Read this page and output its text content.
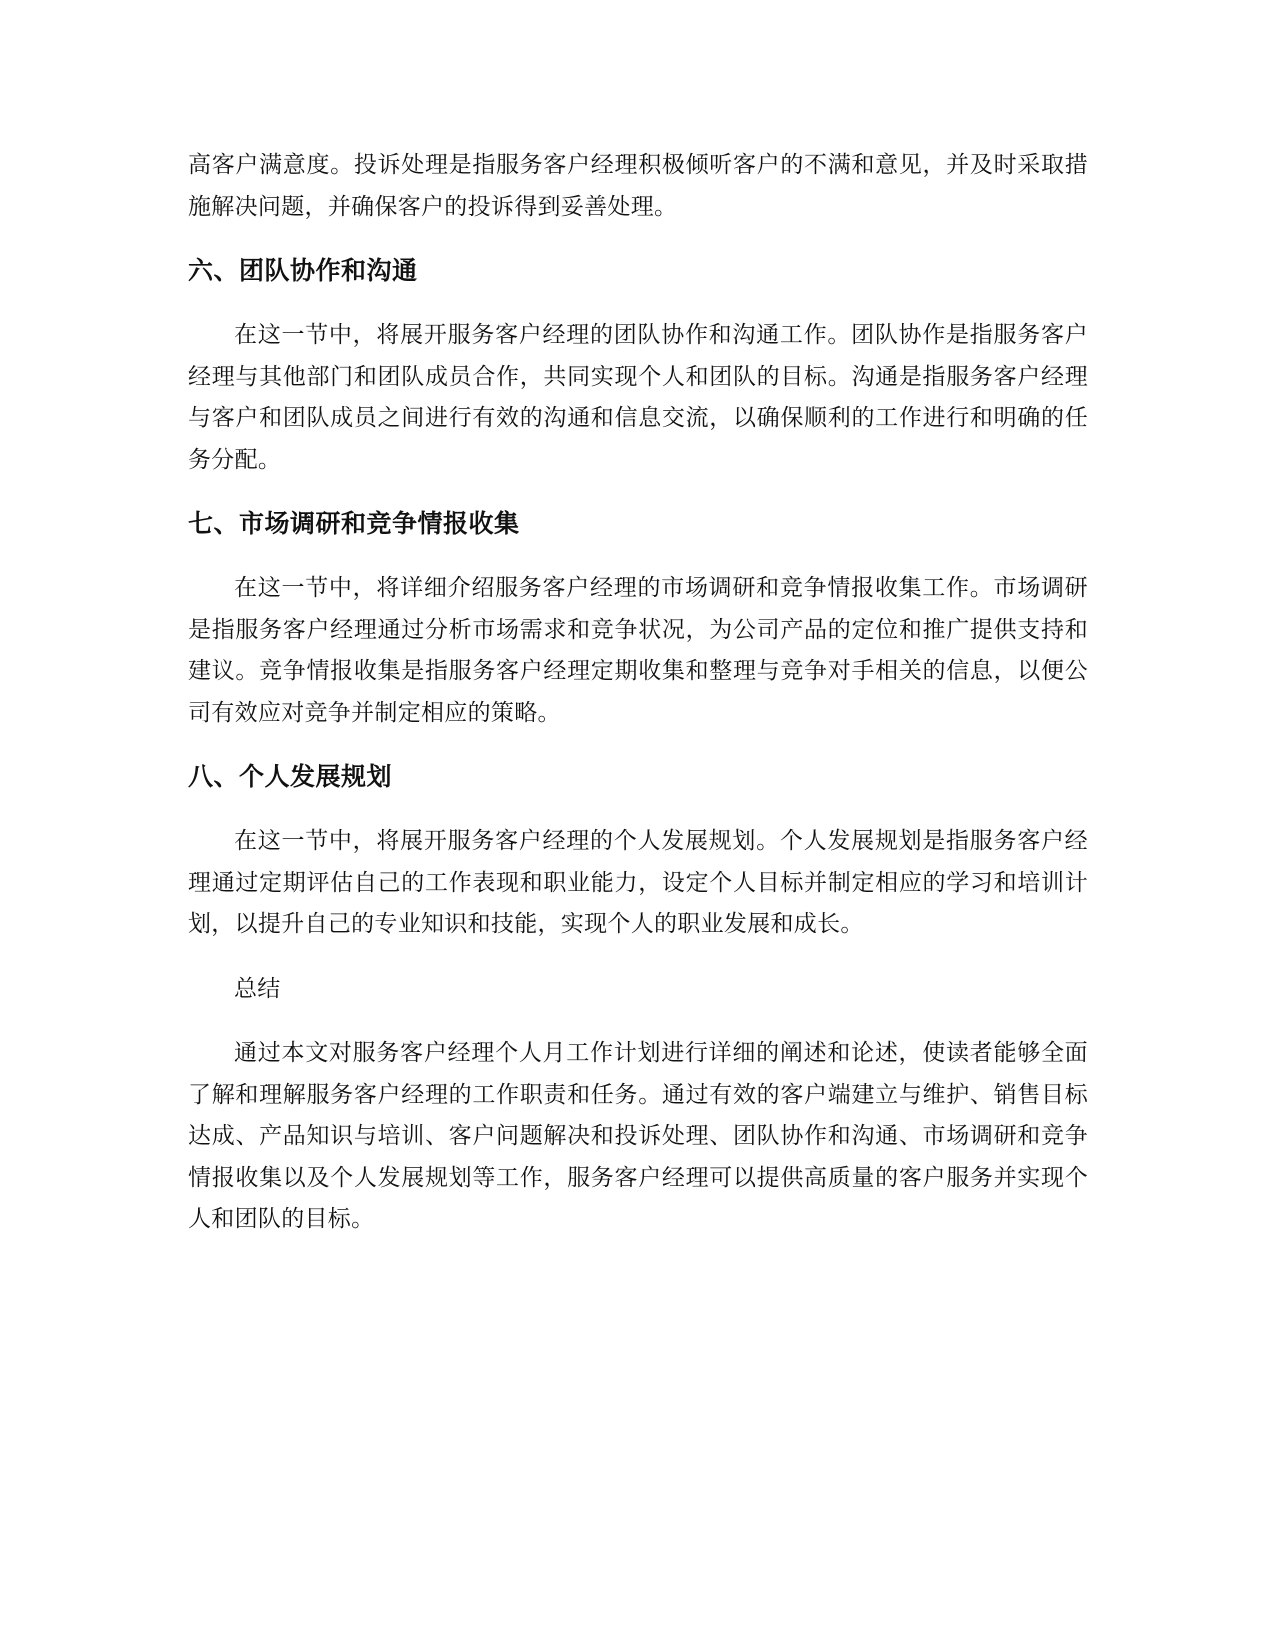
高客户满意度。投诉处理是指服务客户经理积极倾听客户的不满和意见，并及时采取措施解决问题，并确保客户的投诉得到妥善处理。

六、团队协作和沟通

在这一节中，将展开服务客户经理的团队协作和沟通工作。团队协作是指服务客户经理与其他部门和团队成员合作，共同实现个人和团队的目标。沟通是指服务客户经理与客户和团队成员之间进行有效的沟通和信息交流，以确保顺利的工作进行和明确的任务分配。

七、市场调研和竞争情报收集

在这一节中，将详细介绍服务客户经理的市场调研和竞争情报收集工作。市场调研是指服务客户经理通过分析市场需求和竞争状况，为公司产品的定位和推广提供支持和建议。竞争情报收集是指服务客户经理定期收集和整理与竞争对手相关的信息，以便公司有效应对竞争并制定相应的策略。

八、个人发展规划

在这一节中，将展开服务客户经理的个人发展规划。个人发展规划是指服务客户经理通过定期评估自己的工作表现和职业能力，设定个人目标并制定相应的学习和培训计划，以提升自己的专业知识和技能，实现个人的职业发展和成长。

总结

通过本文对服务客户经理个人月工作计划进行详细的阐述和论述，使读者能够全面了解和理解服务客户经理的工作职责和任务。通过有效的客户端建立与维护、销售目标达成、产品知识与培训、客户问题解决和投诉处理、团队协作和沟通、市场调研和竞争情报收集以及个人发展规划等工作，服务客户经理可以提供高质量的客户服务并实现个人和团队的目标。
